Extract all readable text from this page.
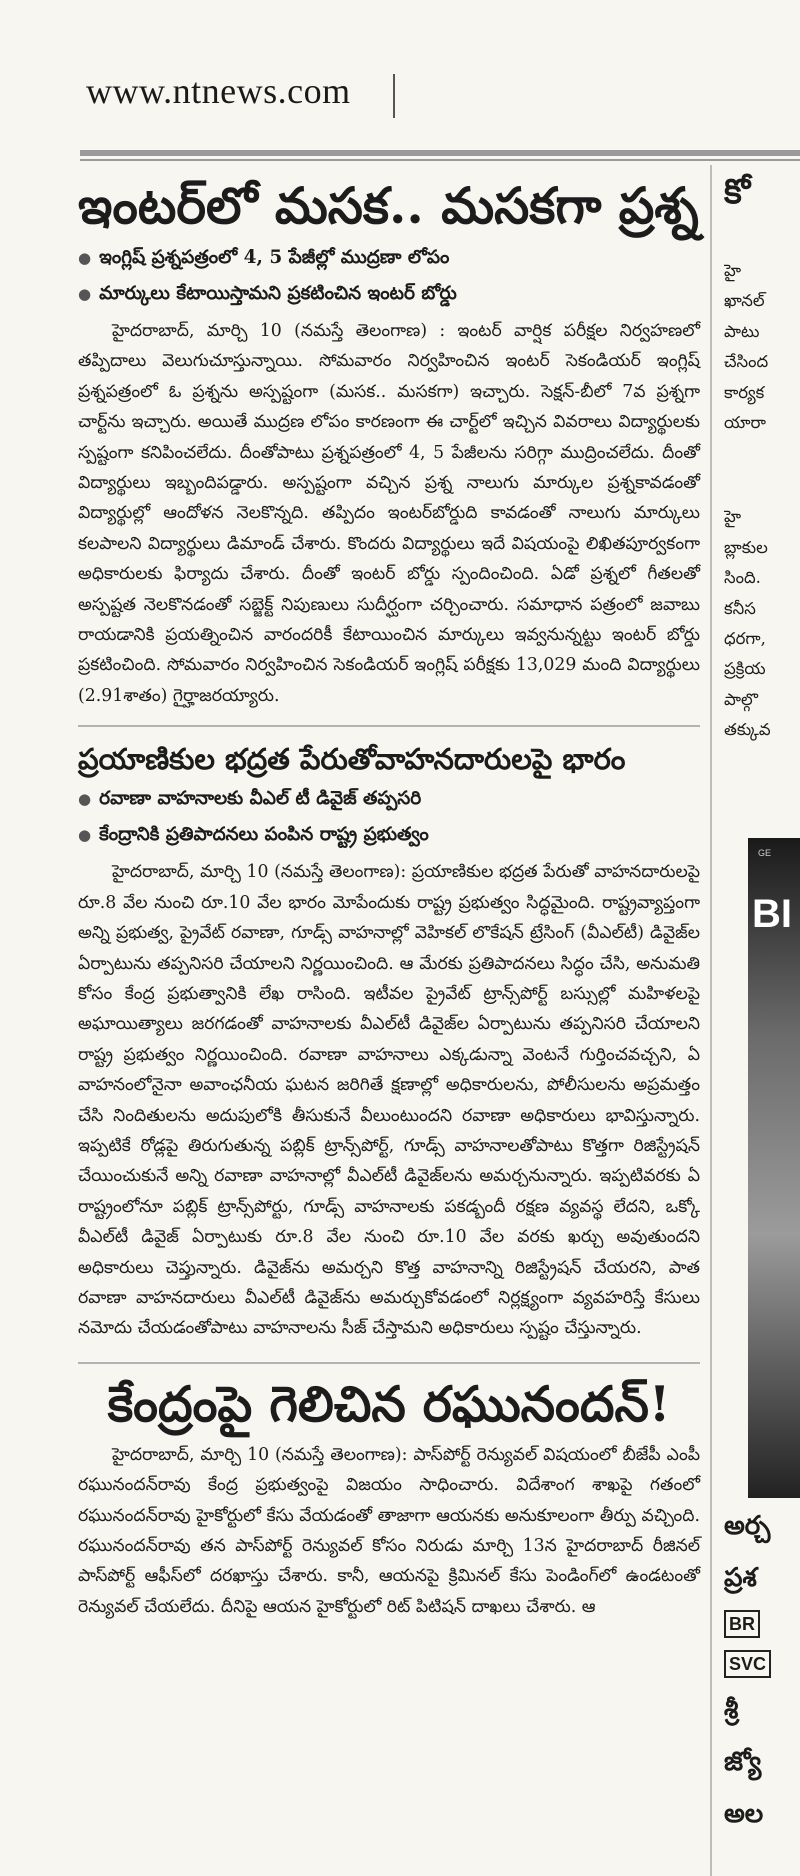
www.ntnews.com
ఇంటర్‌లో మసక.. మసకగా ప్రశ్న
● ఇంగ్లిష్ ప్రశ్నపత్రంలో 4, 5 పేజీల్లో ముద్రణా లోపం
● మార్కులు కేటాయిస్తామని ప్రకటించిన ఇంటర్ బోర్డు

హైదరాబాద్, మార్చి 10 (నమస్తే తెలంగాణ) : ఇంటర్ వార్షిక పరీక్షల నిర్వహణలో తప్పిదాలు వెలుగుచూస్తున్నాయి. సోమవారం నిర్వహించిన ఇంటర్ సెకండియర్ ఇంగ్లిష్ ప్రశ్నపత్రంలో ఓ ప్రశ్నను అస్పష్టంగా (మసక.. మసకగా) ఇచ్చారు. సెక్షన్-బీలో 7వ ప్రశ్నగా చార్ట్‌ను ఇచ్చారు. అయితే ముద్రణ లోపం కారణంగా ఈ చార్ట్‌లో ఇచ్చిన వివరాలు విద్యార్థులకు స్పష్టంగా కనిపించలేదు. దీంతోపాటు ప్రశ్నపత్రంలో 4, 5 పేజీలను సరిగ్గా ముద్రించలేదు. దీంతో విద్యార్థులు ఇబ్బందిపడ్డారు. అస్పష్టంగా వచ్చిన ప్రశ్న నాలుగు మార్కుల ప్రశ్నకావడంతో విద్యార్థుల్లో ఆందోళన నెలకొన్నది. తప్పిదం ఇంటర్‌బోర్డుది కావడంతో నాలుగు మార్కులు కలపాలని విద్యార్థులు డిమాండ్ చేశారు. కొందరు విద్యార్థులు ఇదే విషయంపై లిఖితపూర్వకంగా అధికారులకు ఫిర్యాదు చేశారు. దీంతో ఇంటర్ బోర్డు స్పందించింది. ఏడో ప్రశ్నలో గీతలతో అస్పష్టత నెలకొనడంతో సబ్జెక్ట్ నిపుణులు సుదీర్ఘంగా చర్చించారు. సమాధాన పత్రంలో జవాబు రాయడానికి ప్రయత్నించిన వారందరికీ కేటాయించిన మార్కులు ఇవ్వనున్నట్టు ఇంటర్ బోర్డు ప్రకటించింది. సోమవారం నిర్వహించిన సెకండియర్ ఇంగ్లిష్ పరీక్షకు 13,029 మంది విద్యార్థులు (2.91శాతం) గైర్హాజరయ్యారు.

ప్రయాణికుల భద్రత పేరుతోవాహనదారులపై భారం
● రవాణా వాహనాలకు వీఎల్ టీ డివైజ్ తప్పసరి
● కేంద్రానికి ప్రతిపాదనలు పంపిన రాష్ట్ర ప్రభుత్వం

హైదరాబాద్, మార్చి 10 (నమస్తే తెలంగాణ): ప్రయాణికుల భద్రత పేరుతో వాహనదారులపై రూ.8 వేల నుంచి రూ.10 వేల భారం మోపేందుకు రాష్ట్ర ప్రభుత్వం సిద్ధమైంది. రాష్ట్రవ్యాప్తంగా అన్ని ప్రభుత్వ, ప్రైవేట్ రవాణా, గూడ్స్ వాహనాల్లో వెహికల్ లొకేషన్ ట్రేసింగ్ (వీఎల్‌టీ) డివైజ్‌ల ఏర్పాటును తప్పనిసరి చేయాలని నిర్ణయించింది. ఆ మేరకు ప్రతిపాదనలు సిద్ధం చేసి, అనుమతి కోసం కేంద్ర ప్రభుత్వానికి లేఖ రాసింది. ఇటీవల ప్రైవేట్ ట్రాన్స్‌పోర్ట్ బస్సుల్లో మహిళలపై అఘాయిత్యాలు జరగడంతో వాహనాలకు వీఎల్‌టీ డివైజ్‌ల ఏర్పాటును తప్పనిసరి చేయాలని రాష్ట్ర ప్రభుత్వం నిర్ణయించింది. రవాణా వాహనాలు ఎక్కడున్నా వెంటనే గుర్తించవచ్చని, ఏ వాహనంలోనైనా అవాంఛనీయ ఘటన జరిగితే క్షణాల్లో అధికారులను, పోలీసులను అప్రమత్తం చేసి నిందితులను అదుపులోకి తీసుకునే వీలుంటుందని రవాణా అధికారులు భావిస్తున్నారు. ఇప్పటికే రోడ్లపై తిరుగుతున్న పబ్లిక్ ట్రాన్స్‌పోర్ట్, గూడ్స్ వాహనాలతోపాటు కొత్తగా రిజిస్ట్రేషన్ చేయించుకునే అన్ని రవాణా వాహనాల్లో వీఎల్‌టీ డివైజ్‌లను అమర్చనున్నారు. ఇప్పటివరకు ఏ రాష్ట్రంలోనూ పబ్లిక్ ట్రాన్స్‌పోర్టు, గూడ్స్ వాహనాలకు పకడ్బందీ రక్షణ వ్యవస్థ లేదని, ఒక్కో వీఎల్‌టీ డివైజ్ ఏర్పాటుకు రూ.8 వేల నుంచి రూ.10 వేల వరకు ఖర్చు అవుతుందని అధికారులు చెప్తున్నారు. డివైజ్‌ను అమర్చని కొత్త వాహనాన్ని రిజిస్ట్రేషన్ చేయరని, పాత రవాణా వాహనదారులు వీఎల్‌టీ డివైజ్‌ను అమర్చుకోవడంలో నిర్లక్ష్యంగా వ్యవహరిస్తే కేసులు నమోదు చేయడంతోపాటు వాహనాలను సీజ్ చేస్తామని అధికారులు స్పష్టం చేస్తున్నారు.

కేంద్రంపై గెలిచిన రఘునందన్!

హైదరాబాద్, మార్చి 10 (నమస్తే తెలంగాణ): పాస్‌పోర్ట్ రెన్యువల్ విషయంలో బీజేపీ ఎంపీ రఘునందన్‌రావు కేంద్ర ప్రభుత్వంపై విజయం సాధించారు. విదేశాంగ శాఖపై గతంలో రఘునందన్‌రావు హైకోర్టులో కేసు వేయడంతో తాజాగా ఆయనకు అనుకూలంగా తీర్పు వచ్చింది. రఘునందన్‌రావు తన పాస్‌పోర్ట్ రెన్యువల్ కోసం నిరుడు మార్చి 13న హైదరాబాద్ రీజినల్ పాస్‌పోర్ట్ ఆఫీస్‌లో దరఖాస్తు చేశారు. కానీ, ఆయనపై క్రిమినల్ కేసు పెండింగ్‌లో ఉండటంతో రెన్యువల్ చేయలేదు. దీనిపై ఆయన హైకోర్టులో రిట్ పిటిషన్ దాఖలు చేశారు. ఆ

కో
హై
ఖానల్
పాటు
చేసింద
కార్యక
యారా
హై
బ్లాకుల
సింది.
కనీస
ధరగా,
ప్రక్రియ
పాల్గొ
తక్కువ
GE
BI
అర్చ
ప్రశ
BR SVC
శ్రీ
జ్యో
అల
